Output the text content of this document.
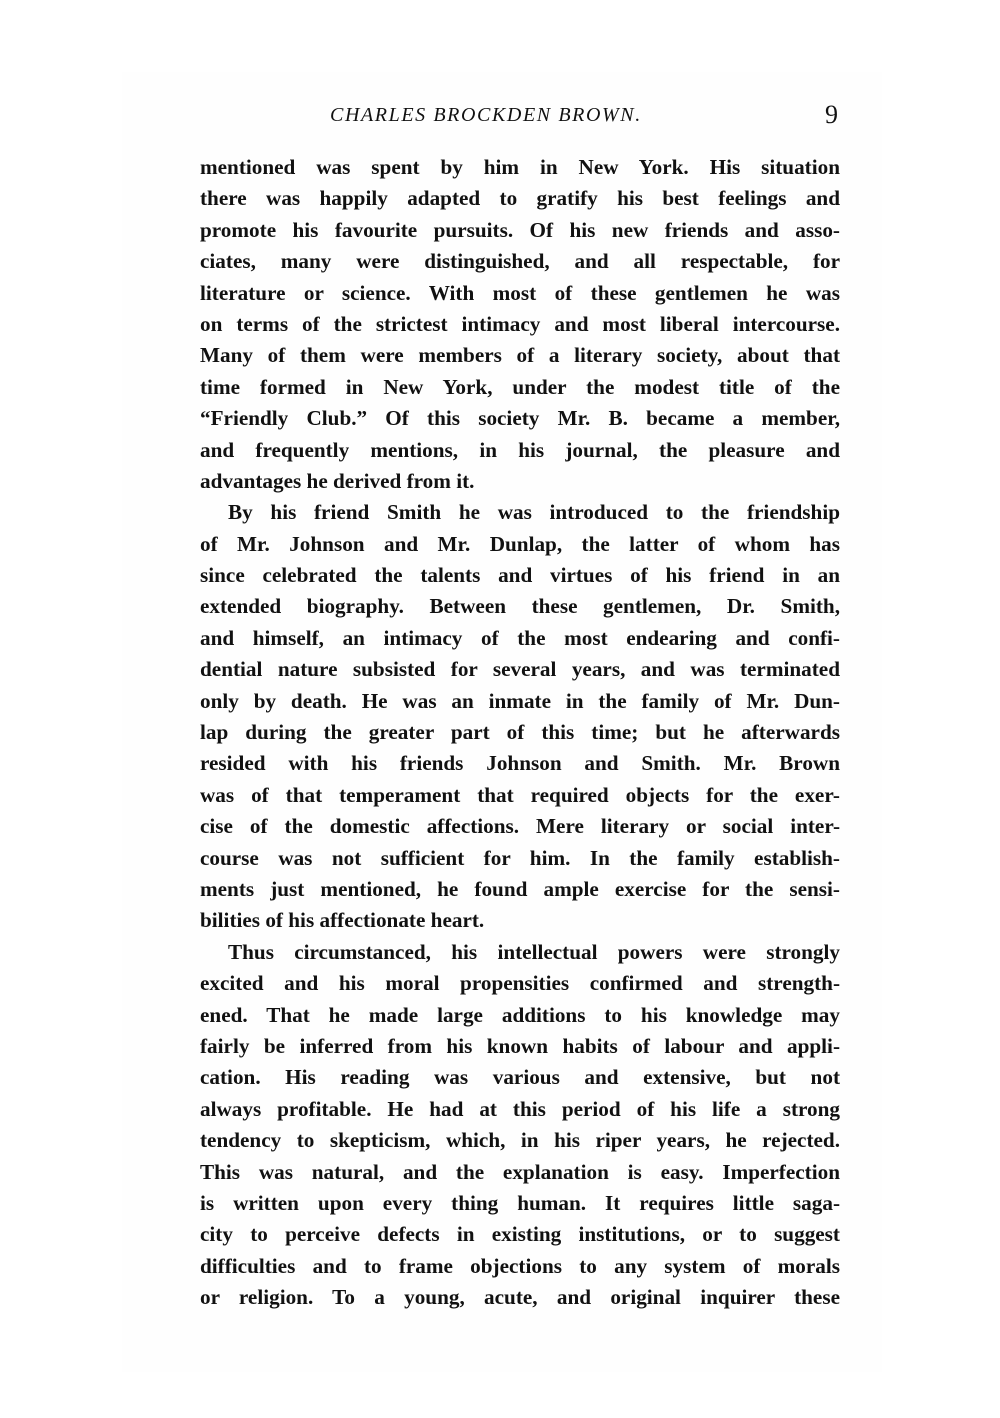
CHARLES BROCKDEN BROWN.	9
mentioned was spent by him in New York. His situation
there was happily adapted to gratify his best feelings and
promote his favourite pursuits. Of his new friends and asso-
ciates, many were distinguished, and all respectable, for
literature or science. With most of these gentlemen he was
on terms of the strictest intimacy and most liberal intercourse.
Many of them were members of a literary society, about that
time formed in New York, under the modest title of the
“Friendly Club.” Of this society Mr. B. became a member,
and frequently mentions, in his journal, the pleasure and
advantages he derived from it.
By his friend Smith he was introduced to the friendship
of Mr. Johnson and Mr. Dunlap, the latter of whom has
since celebrated the talents and virtues of his friend in an
extended biography. Between these gentlemen, Dr. Smith,
and himself, an intimacy of the most endearing and confi-
dential nature subsisted for several years, and was terminated
only by death. He was an inmate in the family of Mr. Dun-
lap during the greater part of this time; but he afterwards
resided with his friends Johnson and Smith. Mr. Brown
was of that temperament that required objects for the exer-
cise of the domestic affections. Mere literary or social inter-
course was not sufficient for him. In the family establish-
ments just mentioned, he found ample exercise for the sensi-
bilities of his affectionate heart.
Thus circumstanced, his intellectual powers were strongly
excited and his moral propensities confirmed and strength-
ened. That he made large additions to his knowledge may
fairly be inferred from his known habits of labour and appli-
cation. His reading was various and extensive, but not
always profitable. He had at this period of his life a strong
tendency to skepticism, which, in his riper years, he rejected.
This was natural, and the explanation is easy. Imperfection
is written upon every thing human. It requires little saga-
city to perceive defects in existing institutions, or to suggest
difficulties and to frame objections to any system of morals
or religion. To a young, acute, and original inquirer these
